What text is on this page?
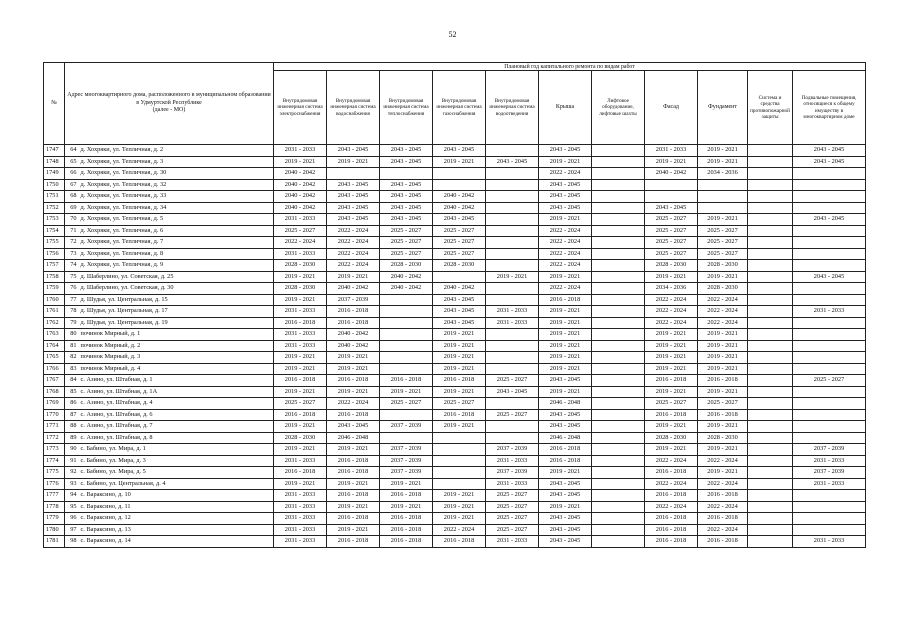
52
№	Адрес многоквартирного дома, расположенного в муниципальном образовании в Удмуртской Республике
(далее - МО)		Плановый год капитального ремонта по видам работ										
			Внутридомовая инженерная система электроснабжения	Внутридомовая инженерная система водоснабжения	Внутридомовая инженерная система теплоснабжения	Внутридомовая инженерная система газоснабжения	Внутридомовая инженерная система водоотведения	Крыша	Лифтовое оборудование, лифтовые шахты	Фасад	Фундамент	Система и средства противопожарной защиты	Подвальные помещения, относящиеся к общему имуществу в многоквартирном доме
1747	64	д. Хохряки, ул. Тепличная, д. 2	2031 - 2033	2043 - 2045	2043 - 2045	2043 - 2045		2043 - 2045		2031 - 2033	2019 - 2021		2043 - 2045
1748	65	д. Хохряки, ул. Тепличная, д. 3	2019 - 2021	2019 - 2021	2043 - 2045	2019 - 2021	2043 - 2045	2019 - 2021		2019 - 2021	2019 - 2021		2043 - 2045
1749	66	д. Хохряки, ул. Тепличная, д. 30	2040 - 2042					2022 - 2024		2040 - 2042	2034 - 2036		
1750	67	д. Хохряки, ул. Тепличная, д. 32	2040 - 2042	2043 - 2045	2043 - 2045			2043 - 2045					
1751	68	д. Хохряки, ул. Тепличная, д. 33	2040 - 2042	2043 - 2045	2043 - 2045	2040 - 2042		2043 - 2045					
1752	69	д. Хохряки, ул. Тепличная, д. 34	2040 - 2042	2043 - 2045	2043 - 2045	2040 - 2042		2043 - 2045		2043 - 2045			
1753	70	д. Хохряки, ул. Тепличная, д. 5	2031 - 2033	2043 - 2045	2043 - 2045	2043 - 2045		2019 - 2021		2025 - 2027	2019 - 2021		2043 - 2045
1754	71	д. Хохряки, ул. Тепличная, д. 6	2025 - 2027	2022 - 2024	2025 - 2027	2025 - 2027		2022 - 2024		2025 - 2027	2025 - 2027		
1755	72	д. Хохряки, ул. Тепличная, д. 7	2022 - 2024	2022 - 2024	2025 - 2027	2025 - 2027		2022 - 2024		2025 - 2027	2025 - 2027		
1756	73	д. Хохряки, ул. Тепличная, д. 8	2031 - 2033	2022 - 2024	2025 - 2027	2025 - 2027		2022 - 2024		2025 - 2027	2025 - 2027		
1757	74	д. Хохряки, ул. Тепличная, д. 9	2028 - 2030	2022 - 2024	2028 - 2030	2028 - 2030		2022 - 2024		2028 - 2030	2028 - 2030		
1758	75	д. Шаберлино, ул. Советская, д. 25	2019 - 2021	2019 - 2021	2040 - 2042		2019 - 2021	2019 - 2021		2019 - 2021	2019 - 2021		2043 - 2045
1759	76	д. Шаберлино, ул. Советская, д. 30	2028 - 2030	2040 - 2042	2040 - 2042	2040 - 2042		2022 - 2024		2034 - 2036	2028 - 2030		
1760	77	д. Шудья, ул. Центральная, д. 15	2019 - 2021	2037 - 2039		2043 - 2045		2016 - 2018		2022 - 2024	2022 - 2024		
1761	78	д. Шудья, ул. Центральная, д. 17	2031 - 2033	2016 - 2018		2043 - 2045	2031 - 2033	2019 - 2021		2022 - 2024	2022 - 2024		2031 - 2033
1762	79	д. Шудья, ул. Центральная, д. 19	2016 - 2018	2016 - 2018		2043 - 2045	2031 - 2033	2019 - 2021		2022 - 2024	2022 - 2024		
1763	80	починок Мирный, д. 1	2031 - 2033	2040 - 2042		2019 - 2021		2019 - 2021		2019 - 2021	2019 - 2021		
1764	81	починок Мирный, д. 2	2031 - 2033	2040 - 2042		2019 - 2021		2019 - 2021		2019 - 2021	2019 - 2021		
1765	82	починок Мирный, д. 3	2019 - 2021	2019 - 2021		2019 - 2021		2019 - 2021		2019 - 2021	2019 - 2021		
1766	83	починок Мирный, д. 4	2019 - 2021	2019 - 2021		2019 - 2021		2019 - 2021		2019 - 2021	2019 - 2021		
1767	84	с. Азино, ул. Штабная, д. 1	2016 - 2018	2016 - 2018	2016 - 2018	2016 - 2018	2025 - 2027	2043 - 2045		2016 - 2018	2016 - 2018		2025 - 2027
1768	85	с. Азино, ул. Штабная, д. 1А	2019 - 2021	2019 - 2021	2019 - 2021	2019 - 2021	2043 - 2045	2019 - 2021		2019 - 2021	2019 - 2021		
1769	86	с. Азино, ул. Штабная, д. 4	2025 - 2027	2022 - 2024	2025 - 2027	2025 - 2027		2046 - 2048		2025 - 2027	2025 - 2027		
1770	87	с. Азино, ул. Штабная, д. 6	2016 - 2018	2016 - 2018		2016 - 2018	2025 - 2027	2043 - 2045		2016 - 2018	2016 - 2018		
1771	88	с. Азино, ул. Штабная, д. 7	2019 - 2021	2043 - 2045	2037 - 2039	2019 - 2021		2043 - 2045		2019 - 2021	2019 - 2021		
1772	89	с. Азино, ул. Штабная, д. 8	2028 - 2030	2046 - 2048				2046 - 2048		2028 - 2030	2028 - 2030		
1773	90	с. Бабино, ул. Мира, д. 1	2019 - 2021	2019 - 2021	2037 - 2039		2037 - 2039	2016 - 2018		2019 - 2021	2019 - 2021		2037 - 2039
1774	91	с. Бабино, ул. Мира, д. 3	2031 - 2033	2016 - 2018	2037 - 2039		2031 - 2033	2016 - 2018		2022 - 2024	2022 - 2024		2031 - 2033
1775	92	с. Бабино, ул. Мира, д. 5	2016 - 2018	2016 - 2018	2037 - 2039		2037 - 2039	2019 - 2021		2016 - 2018	2019 - 2021		2037 - 2039
1776	93	с. Бабино, ул. Центральная, д. 4	2019 - 2021	2019 - 2021	2019 - 2021		2031 - 2033	2043 - 2045		2022 - 2024	2022 - 2024		2031 - 2033
1777	94	с. Вараксино, д. 10	2031 - 2033	2016 - 2018	2016 - 2018	2019 - 2021	2025 - 2027	2043 - 2045		2016 - 2018	2016 - 2018		
1778	95	с. Вараксино, д. 11	2031 - 2033	2019 - 2021	2019 - 2021	2019 - 2021	2025 - 2027	2019 - 2021		2022 - 2024	2022 - 2024		
1779	96	с. Вараксино, д. 12	2031 - 2033	2016 - 2018	2016 - 2018	2019 - 2021	2025 - 2027	2043 - 2045		2016 - 2018	2016 - 2018		
1780	97	с. Вараксино, д. 13	2031 - 2033	2019 - 2021	2016 - 2018	2022 - 2024	2025 - 2027	2043 - 2045		2016 - 2018	2022 - 2024		
1781	98	с. Вараксино, д. 14	2031 - 2033	2016 - 2018	2016 - 2018	2016 - 2018	2031 - 2033	2043 - 2045		2016 - 2018	2016 - 2018		2031 - 2033
